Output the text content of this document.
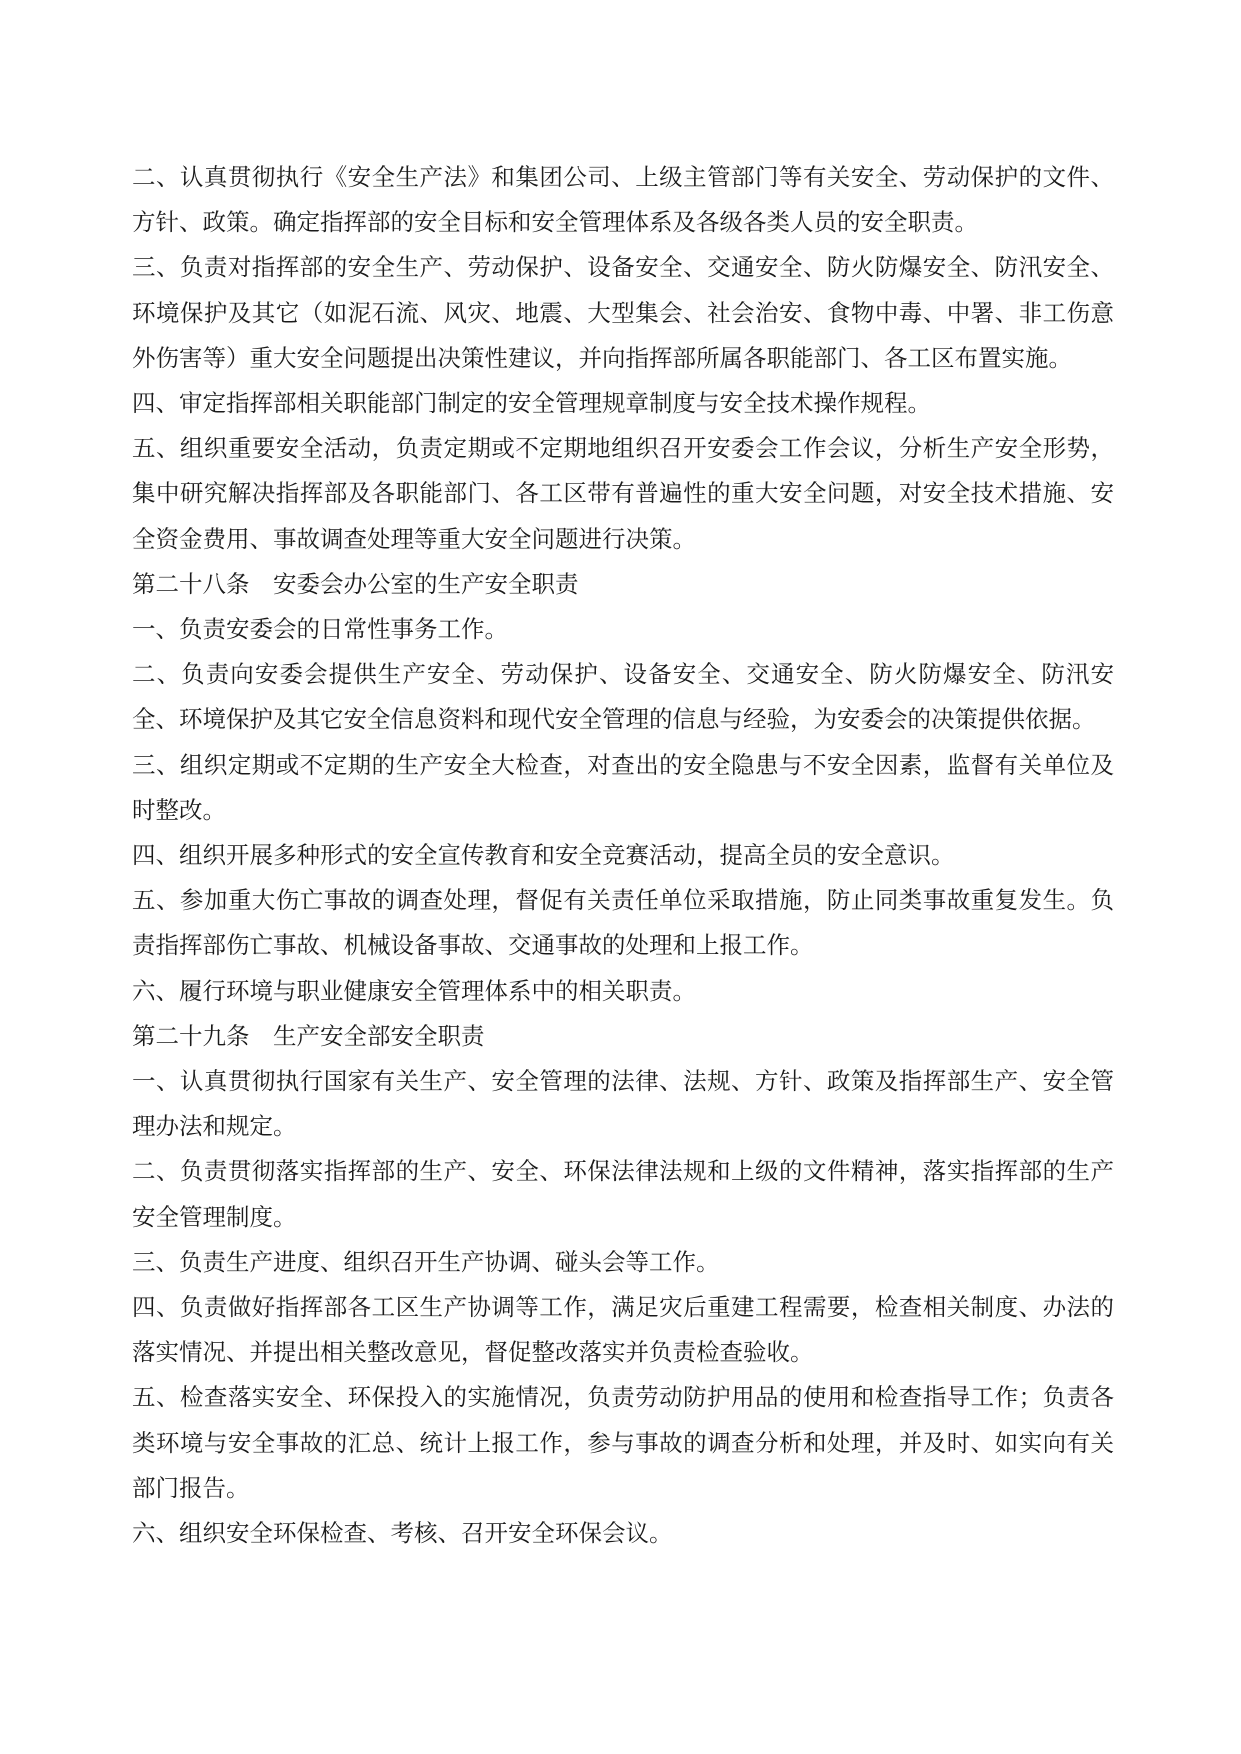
二、认真贯彻执行《安全生产法》和集团公司、上级主管部门等有关安全、劳动保护的文件、方针、政策。确定指挥部的安全目标和安全管理体系及各级各类人员的安全职责。

三、负责对指挥部的安全生产、劳动保护、设备安全、交通安全、防火防爆安全、防汛安全、环境保护及其它（如泥石流、风灾、地震、大型集会、社会治安、食物中毒、中署、非工伤意外伤害等）重大安全问题提出决策性建议，并向指挥部所属各职能部门、各工区布置实施。

四、审定指挥部相关职能部门制定的安全管理规章制度与安全技术操作规程。

五、组织重要安全活动，负责定期或不定期地组织召开安委会工作会议，分析生产安全形势，集中研究解决指挥部及各职能部门、各工区带有普遍性的重大安全问题，对安全技术措施、安全资金费用、事故调查处理等重大安全问题进行决策。

第二十八条　安委会办公室的生产安全职责

一、负责安委会的日常性事务工作。

二、负责向安委会提供生产安全、劳动保护、设备安全、交通安全、防火防爆安全、防汛安全、环境保护及其它安全信息资料和现代安全管理的信息与经验，为安委会的决策提供依据。

三、组织定期或不定期的生产安全大检查，对查出的安全隐患与不安全因素，监督有关单位及时整改。

四、组织开展多种形式的安全宣传教育和安全竞赛活动，提高全员的安全意识。

五、参加重大伤亡事故的调查处理，督促有关责任单位采取措施，防止同类事故重复发生。负责指挥部伤亡事故、机械设备事故、交通事故的处理和上报工作。

六、履行环境与职业健康安全管理体系中的相关职责。

第二十九条　生产安全部安全职责

一、认真贯彻执行国家有关生产、安全管理的法律、法规、方针、政策及指挥部生产、安全管理办法和规定。

二、负责贯彻落实指挥部的生产、安全、环保法律法规和上级的文件精神，落实指挥部的生产安全管理制度。

三、负责生产进度、组织召开生产协调、碰头会等工作。

四、负责做好指挥部各工区生产协调等工作，满足灾后重建工程需要，检查相关制度、办法的落实情况、并提出相关整改意见，督促整改落实并负责检查验收。

五、检查落实安全、环保投入的实施情况，负责劳动防护用品的使用和检查指导工作；负责各类环境与安全事故的汇总、统计上报工作，参与事故的调查分析和处理，并及时、如实向有关部门报告。

六、组织安全环保检查、考核、召开安全环保会议。
